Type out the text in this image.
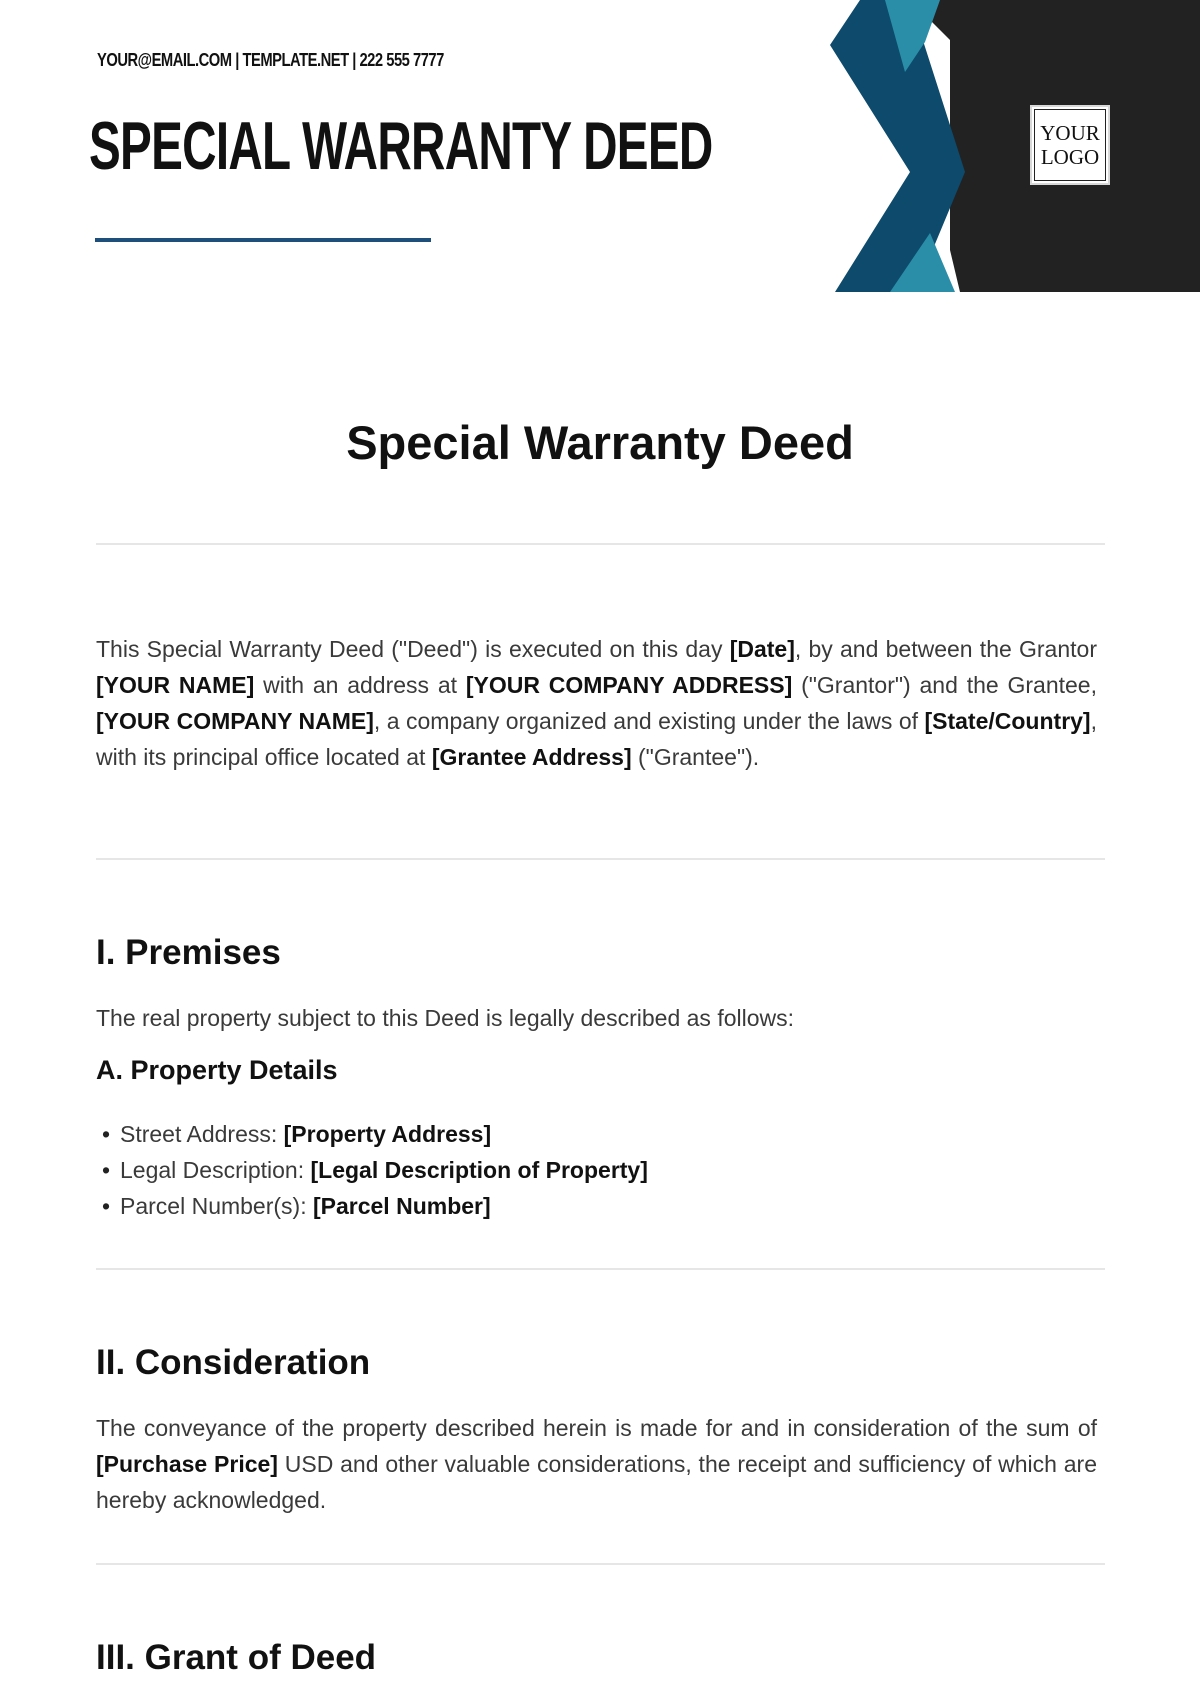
YOUR@EMAIL.COM | TEMPLATE.NET | 222 555 7777
SPECIAL WARRANTY DEED	YOUR
LOGO
Special Warranty Deed

This Special Warranty Deed ("Deed") is executed on this day [Date], by and between the Grantor [YOUR NAME] with an address at [YOUR COMPANY ADDRESS] ("Grantor") and the Grantee, [YOUR COMPANY NAME], a company organized and existing under the laws of [State/Country], with its principal office located at [Grantee Address] ("Grantee").

I. Premises

The real property subject to this Deed is legally described as follows:

A. Property Details
• Street Address: [Property Address]
• Legal Description: [Legal Description of Property]
• Parcel Number(s): [Parcel Number]
II. Consideration

The conveyance of the property described herein is made for and in consideration of the sum of [Purchase Price] USD and other valuable considerations, the receipt and sufficiency of which are hereby acknowledged.

III. Grant of Deed
